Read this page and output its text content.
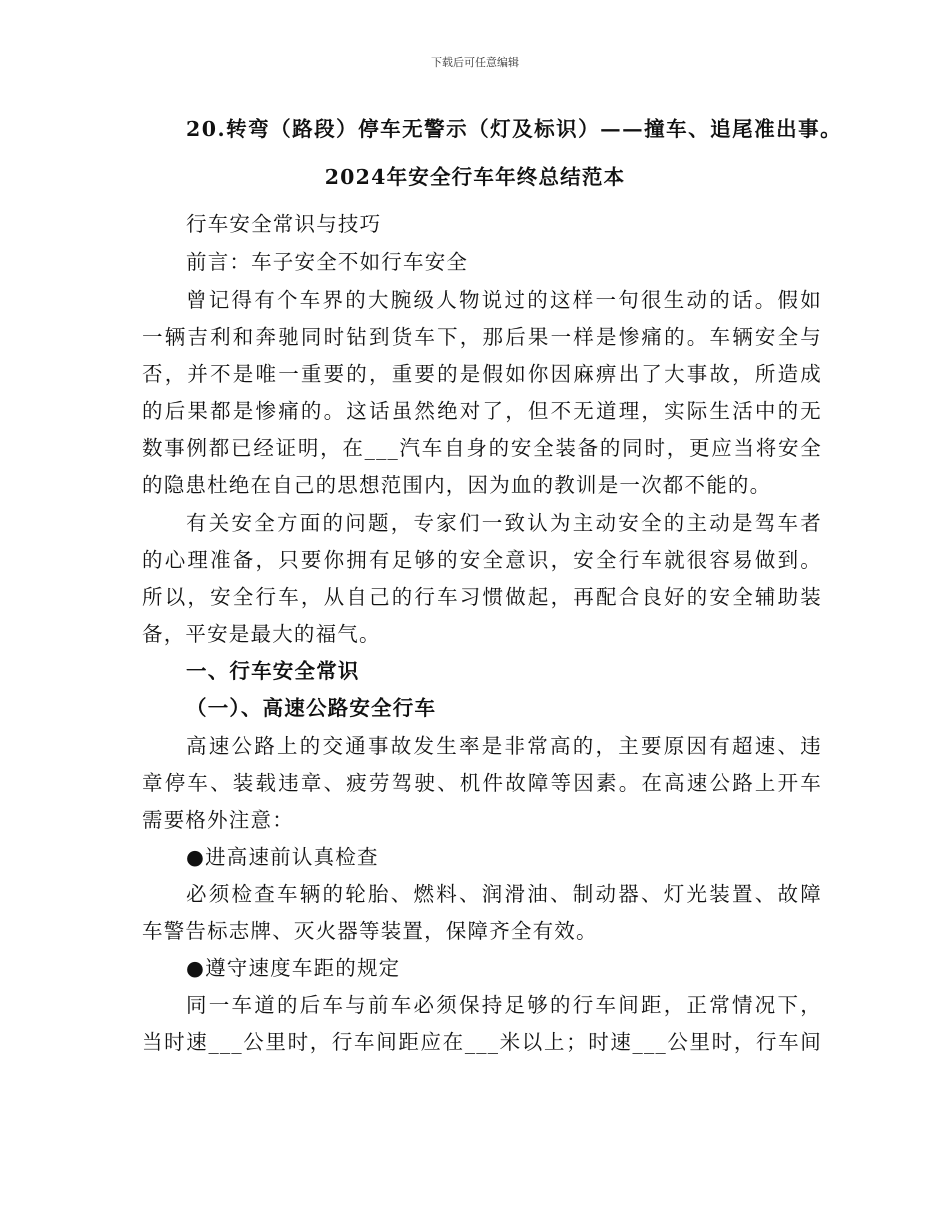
下载后可任意编辑
20.转弯（路段）停车无警示（灯及标识）——撞车、追尾准出事。
2024年安全行车年终总结范本
行车安全常识与技巧
前言：车子安全不如行车安全
曾记得有个车界的大腕级人物说过的这样一句很生动的话。假如
一辆吉利和奔驰同时钻到货车下，那后果一样是惨痛的。车辆安全与
否，并不是唯一重要的，重要的是假如你因麻痹出了大事故，所造成
的后果都是惨痛的。这话虽然绝对了，但不无道理，实际生活中的无
数事例都已经证明，在___汽车自身的安全装备的同时，更应当将安全
的隐患杜绝在自己的思想范围内，因为血的教训是一次都不能的。
有关安全方面的问题，专家们一致认为主动安全的主动是驾车者
的心理准备，只要你拥有足够的安全意识，安全行车就很容易做到。
所以，安全行车，从自己的行车习惯做起，再配合良好的安全辅助装
备，平安是最大的福气。
一、行车安全常识
（一）、高速公路安全行车
高速公路上的交通事故发生率是非常高的，主要原因有超速、违
章停车、装载违章、疲劳驾驶、机件故障等因素。在高速公路上开车
需要格外注意：
●进高速前认真检查
必须检查车辆的轮胎、燃料、润滑油、制动器、灯光装置、故障
车警告标志牌、灭火器等装置，保障齐全有效。
●遵守速度车距的规定
同一车道的后车与前车必须保持足够的行车间距，正常情况下，
当时速___公里时，行车间距应在___米以上；时速___公里时，行车间
